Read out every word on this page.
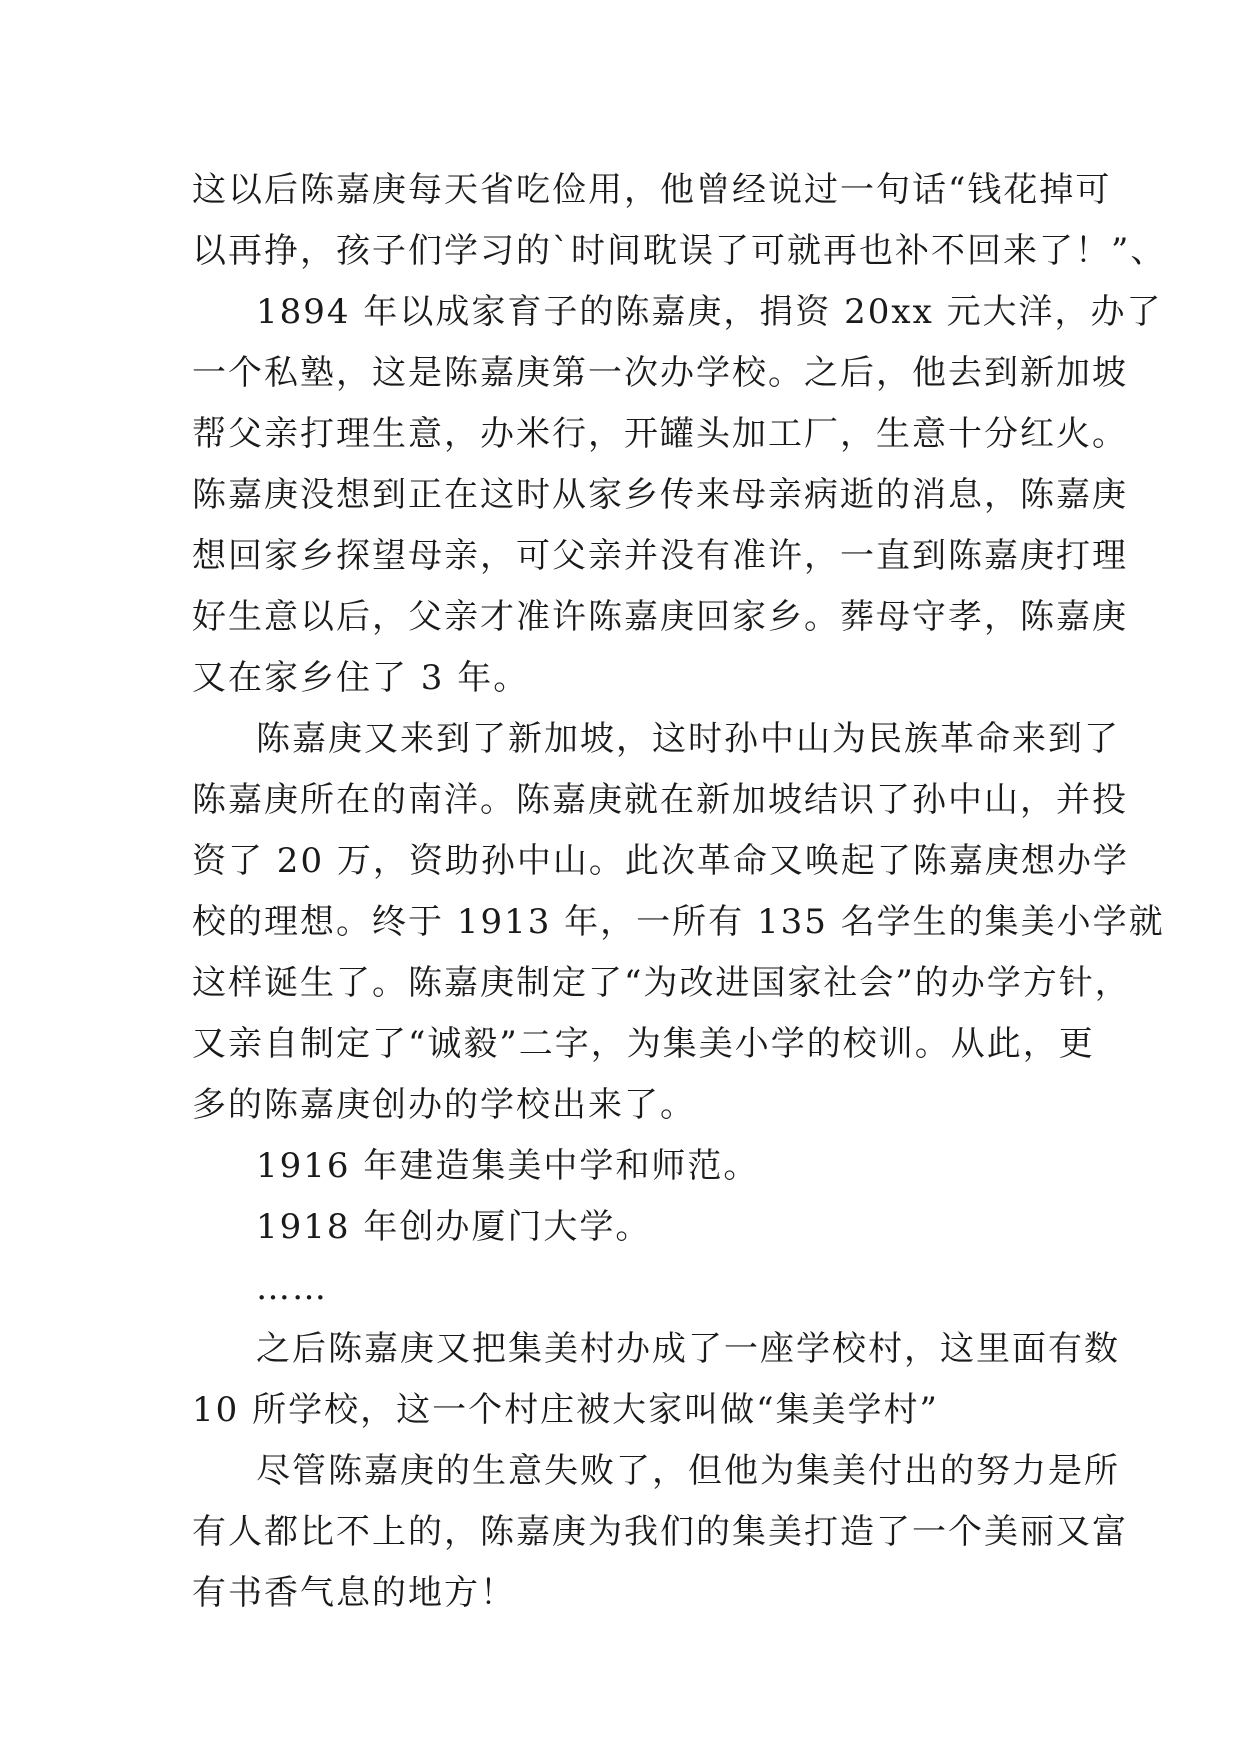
这以后陈嘉庚每天省吃俭用，他曾经说过一句话“钱花掉可
以再挣，孩子们学习的`时间耽误了可就再也补不回来了！”、
1894 年以成家育子的陈嘉庚，捐资 20xx 元大洋，办了
一个私塾，这是陈嘉庚第一次办学校。之后，他去到新加坡
帮父亲打理生意，办米行，开罐头加工厂，生意十分红火。
陈嘉庚没想到正在这时从家乡传来母亲病逝的消息，陈嘉庚
想回家乡探望母亲，可父亲并没有准许，一直到陈嘉庚打理
好生意以后，父亲才准许陈嘉庚回家乡。葬母守孝，陈嘉庚
又在家乡住了 3 年。
陈嘉庚又来到了新加坡，这时孙中山为民族革命来到了
陈嘉庚所在的南洋。陈嘉庚就在新加坡结识了孙中山，并投
资了 20 万，资助孙中山。此次革命又唤起了陈嘉庚想办学
校的理想。终于 1913 年，一所有 135 名学生的集美小学就
这样诞生了。陈嘉庚制定了“为改进国家社会”的办学方针，
又亲自制定了“诚毅”二字，为集美小学的校训。从此，更
多的陈嘉庚创办的学校出来了。
1916 年建造集美中学和师范。
1918 年创办厦门大学。
……
之后陈嘉庚又把集美村办成了一座学校村，这里面有数
10 所学校，这一个村庄被大家叫做“集美学村”
尽管陈嘉庚的生意失败了，但他为集美付出的努力是所
有人都比不上的，陈嘉庚为我们的集美打造了一个美丽又富
有书香气息的地方！
